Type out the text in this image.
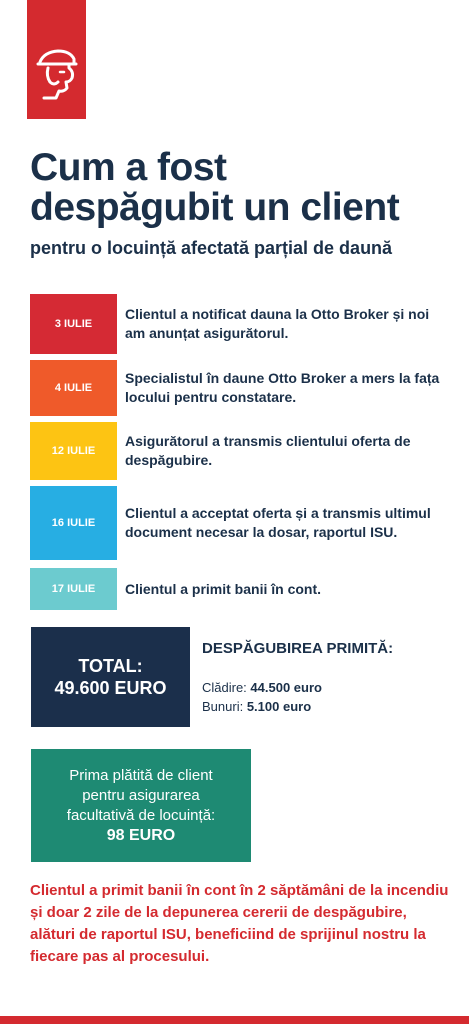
Cum a fost
despăgubit un client

pentru o locuință afectată parțial de daună

3 IULIE
Clientul a notificat dauna la Otto Broker și noi am anunțat asigurătorul.
4 IULIE
Specialistul în daune Otto Broker a mers la fața locului pentru constatare.
12 IULIE
Asigurătorul a transmis clientului oferta de despăgubire.
16 IULIE
Clientul a acceptat oferta și a transmis ultimul document necesar la dosar, raportul ISU.
17 IULIE	Clientul a primit banii în cont.
TOTAL:
49.600 EURO

DESPĂGUBIREA PRIMITĂ:

Clădire: 44.500 euro
Bunuri: 5.100 euro
Prima plătită de client
pentru asigurarea
facultativă de locuință:
98 EURO

Clientul a primit banii în cont în 2 săptămâni de la incendiu și doar 2 zile de la depunerea cererii de despăgubire, alături de raportul ISU, beneficiind de sprijinul nostru la fiecare pas al procesului.
